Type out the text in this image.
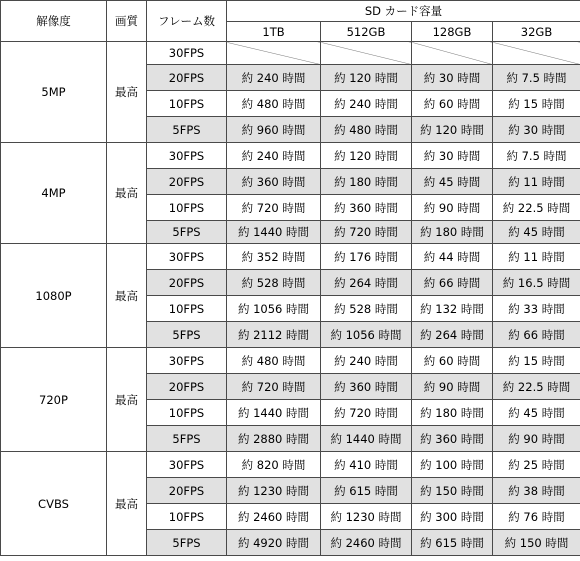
解像度	画質	フレーム数	SD カード容量			
			1TB	512GB	128GB	32GB
5MP	最高	30FPS				
		20FPS	約 240 時間	約 120 時間	約 30 時間	約 7.5 時間
		10FPS	約 480 時間	約 240 時間	約 60 時間	約 15 時間
		5FPS	約 960 時間	約 480 時間	約 120 時間	約 30 時間
4MP	最高	30FPS	約 240 時間	約 120 時間	約 30 時間	約 7.5 時間
		20FPS	約 360 時間	約 180 時間	約 45 時間	約 11 時間
		10FPS	約 720 時間	約 360 時間	約 90 時間	約 22.5 時間
		5FPS	約 1440 時間	約 720 時間	約 180 時間	約 45 時間
1080P	最高	30FPS	約 352 時間	約 176 時間	約 44 時間	約 11 時間
		20FPS	約 528 時間	約 264 時間	約 66 時間	約 16.5 時間
		10FPS	約 1056 時間	約 528 時間	約 132 時間	約 33 時間
		5FPS	約 2112 時間	約 1056 時間	約 264 時間	約 66 時間
720P	最高	30FPS	約 480 時間	約 240 時間	約 60 時間	約 15 時間
		20FPS	約 720 時間	約 360 時間	約 90 時間	約 22.5 時間
		10FPS	約 1440 時間	約 720 時間	約 180 時間	約 45 時間
		5FPS	約 2880 時間	約 1440 時間	約 360 時間	約 90 時間
CVBS	最高	30FPS	約 820 時間	約 410 時間	約 100 時間	約 25 時間
		20FPS	約 1230 時間	約 615 時間	約 150 時間	約 38 時間
		10FPS	約 2460 時間	約 1230 時間	約 300 時間	約 76 時間
		5FPS	約 4920 時間	約 2460 時間	約 615 時間	約 150 時間
